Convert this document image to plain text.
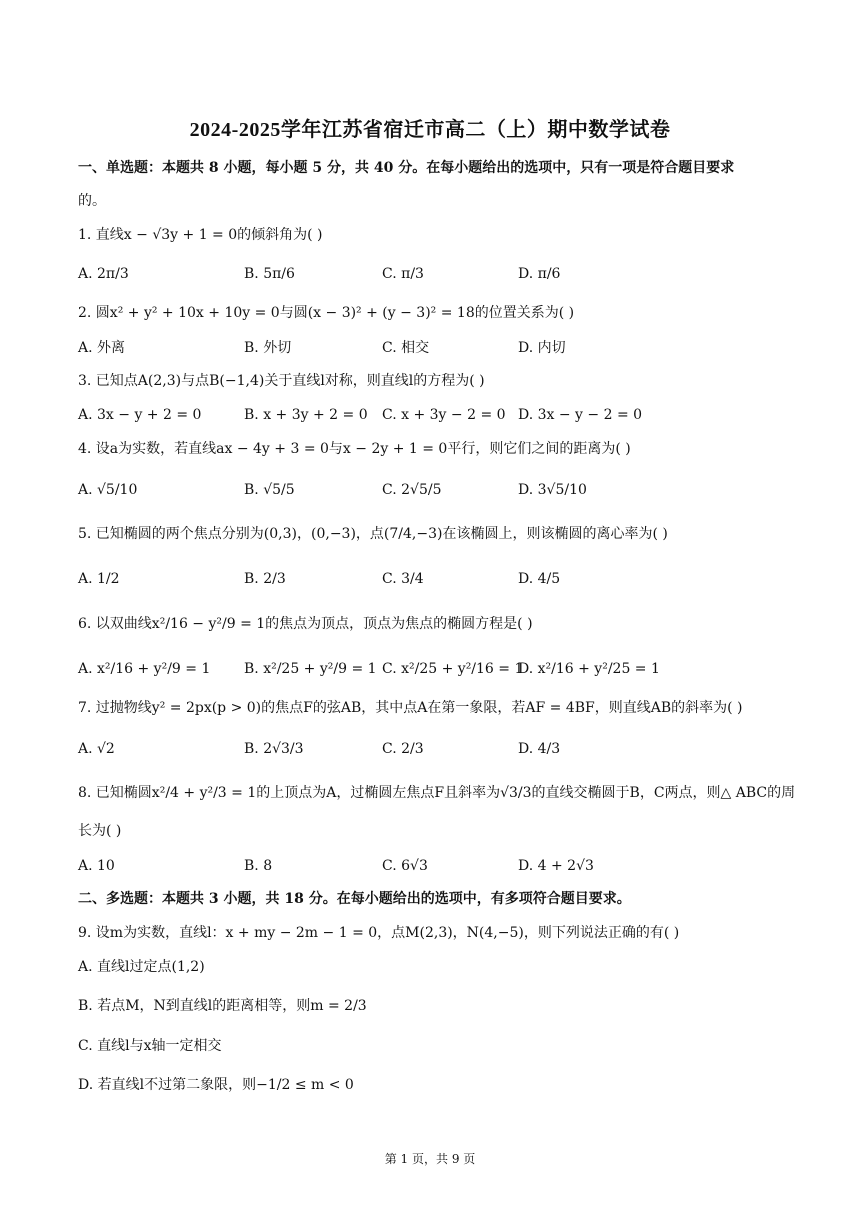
2024-2025学年江苏省宿迁市高二（上）期中数学试卷
一、单选题：本题共 8 小题，每小题 5 分，共 40 分。在每小题给出的选项中，只有一项是符合题目要求
的。
1. 直线x − √3y + 1 = 0的倾斜角为( )
A. 2π/3	B. 5π/6	C. π/3	D. π/6
2. 圆x² + y² + 10x + 10y = 0与圆(x − 3)² + (y − 3)² = 18的位置关系为( )
A. 外离	B. 外切	C. 相交	D. 内切
3. 已知点A(2,3)与点B(−1,4)关于直线l对称，则直线l的方程为( )
A. 3x − y + 2 = 0	B. x + 3y + 2 = 0 C. x + 3y − 2 = 0 D. 3x − y − 2 = 0
4. 设a为实数，若直线ax − 4y + 3 = 0与x − 2y + 1 = 0平行，则它们之间的距离为( )
A. √5/10	B. √5/5	C. 2√5/5	D. 3√5/10
5. 已知椭圆的两个焦点分别为(0,3)，(0,−3)，点(7/4,−3)在该椭圆上，则该椭圆的离心率为( )
A. 1/2	B. 2/3	C. 3/4	D. 4/5
6. 以双曲线x²/16 − y²/9 = 1的焦点为顶点，顶点为焦点的椭圆方程是( )
A. x²/16 + y²/9 = 1 B. x²/25 + y²/9 = 1 C. x²/25 + y²/16 = 1
D. x²/16 + y²/25 = 1
7. 过抛物线y² = 2px(p > 0)的焦点F的弦AB，其中点A在第一象限，若AF = 4BF，则直线AB的斜率为( )
A. √2	B. 2√3/3	C. 2/3	D. 4/3
8. 已知椭圆x²/4 + y²/3 = 1的上顶点为A，过椭圆左焦点F且斜率为√3/3的直线交椭圆于B，C两点，则△ ABC的周
长为( )
A. 10	B. 8	C. 6√3	D. 4 + 2√3
二、多选题：本题共 3 小题，共 18 分。在每小题给出的选项中，有多项符合题目要求。
9. 设m为实数，直线l：x + my − 2m − 1 = 0，点M(2,3)，N(4,−5)，则下列说法正确的有( )
A. 直线l过定点(1,2)
B. 若点M，N到直线l的距离相等，则m = 2/3
C. 直线l与x轴一定相交
D. 若直线l不过第二象限，则−1/2 ≤ m < 0
第 1 页，共 9 页
